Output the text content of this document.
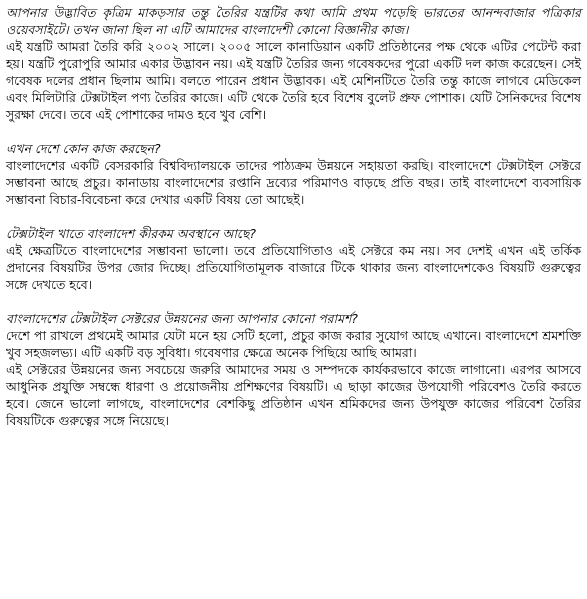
আপনার উদ্ভাবিত কৃত্রিম মাকড়সার তন্তু তৈরির যন্ত্রটির কথা আমি প্রথম পড়েছি ভারতের আনন্দবাজার পত্রিকার ওয়েবসাইটে। তখন জানা ছিল না এটি আমাদের বাংলাদেশী কোনো বিজ্ঞানীর কাজ।

এই যন্ত্রটি আমরা তৈরি করি ২০০২ সালে। ২০০৫ সালে কানাডিয়ান একটি প্রতিষ্ঠানের পক্ষ থেকে এটির পেটেন্ট করা হয়। যন্ত্রটি পুরোপুরি আমার একার উদ্ভাবন নয়। এই যন্ত্রটি তৈরির জন্য গবেষকদের পুরো একটি দল কাজ করেছেন। সেই গবেষক দলের প্রধান ছিলাম আমি। বলতে পারেন প্রধান উদ্ভাবক। এই মেশিনটিতে তৈরি তন্তু কাজে লাগবে মেডিকেল এবং মিলিটারি টেক্সটাইল পণ্য তৈরির কাজে। এটি থেকে তৈরি হবে বিশেষ বুলেট প্রুফ পোশাক। যেটি সৈনিকদের বিশেষ সুরক্ষা দেবে। তবে এই পোশাকের দামও হবে খুব বেশি।

এখন দেশে কোন কাজ করছেন?

বাংলাদেশের একটি বেসরকারি বিশ্ববিদ্যালয়কে তাদের পাঠ্যক্রম উন্নয়নে সহায়তা করছি। বাংলাদেশে টেক্সটাইল সেক্টরে সম্ভাবনা আছে প্রচুর। কানাডায় বাংলাদেশের রপ্তানি দ্রব্যের পরিমাণও বাড়ছে প্রতি বছর। তাই বাংলাদেশে ব্যবসায়িক সম্ভাবনা বিচার-বিবেচনা করে দেখার একটি বিষয় তো আছেই।

টেক্সটাইল খাতে বাংলাদেশ কীরকম অবস্থানে আছে?

এই ক্ষেত্রটিতে বাংলাদেশের সম্ভাবনা ভালো। তবে প্রতিযোগিতাও এই সেক্টরে কম নয়। সব দেশই এখন এই তর্কিক প্রদানের বিষয়টির উপর জোর দিচ্ছে। প্রতিযোগিতামূলক বাজারে টিকে থাকার জন্য বাংলাদেশকেও বিষয়টি গুরুত্বের সঙ্গে দেখতে হবে।

বাংলাদেশের টেক্সটাইল সেক্টরের উন্নয়নের জন্য আপনার কোনো পরামর্শ?

দেশে পা রাখলে প্রথমেই আমার যেটা মনে হয় সেটি হলো, প্রচুর কাজ করার সুযোগ আছে এখানে। বাংলাদেশে শ্রমশক্তি খুব সহজলভ্য। এটি একটি বড় সুবিধা। গবেষণার ক্ষেত্রে অনেক পিছিয়ে আছি আমরা।

এই সেক্টরের উন্নয়নের জন্য সবচেয়ে জরুরি আমাদের সময় ও সম্পদকে কার্যকরভাবে কাজে লাগানো। এরপর আসবে আধুনিক প্রযুক্তি সম্বন্ধে ধারণা ও প্রয়োজনীয় প্রশিক্ষণের বিষয়টি। এ ছাড়া কাজের উপযোগী পরিবেশও তৈরি করতে হবে। জেনে ভালো লাগছে, বাংলাদেশের বেশকিছু প্রতিষ্ঠান এখন শ্রমিকদের জন্য উপযুক্ত কাজের পরিবেশ তৈরির বিষয়টিকে গুরুত্বের সঙ্গে নিয়েছে।
